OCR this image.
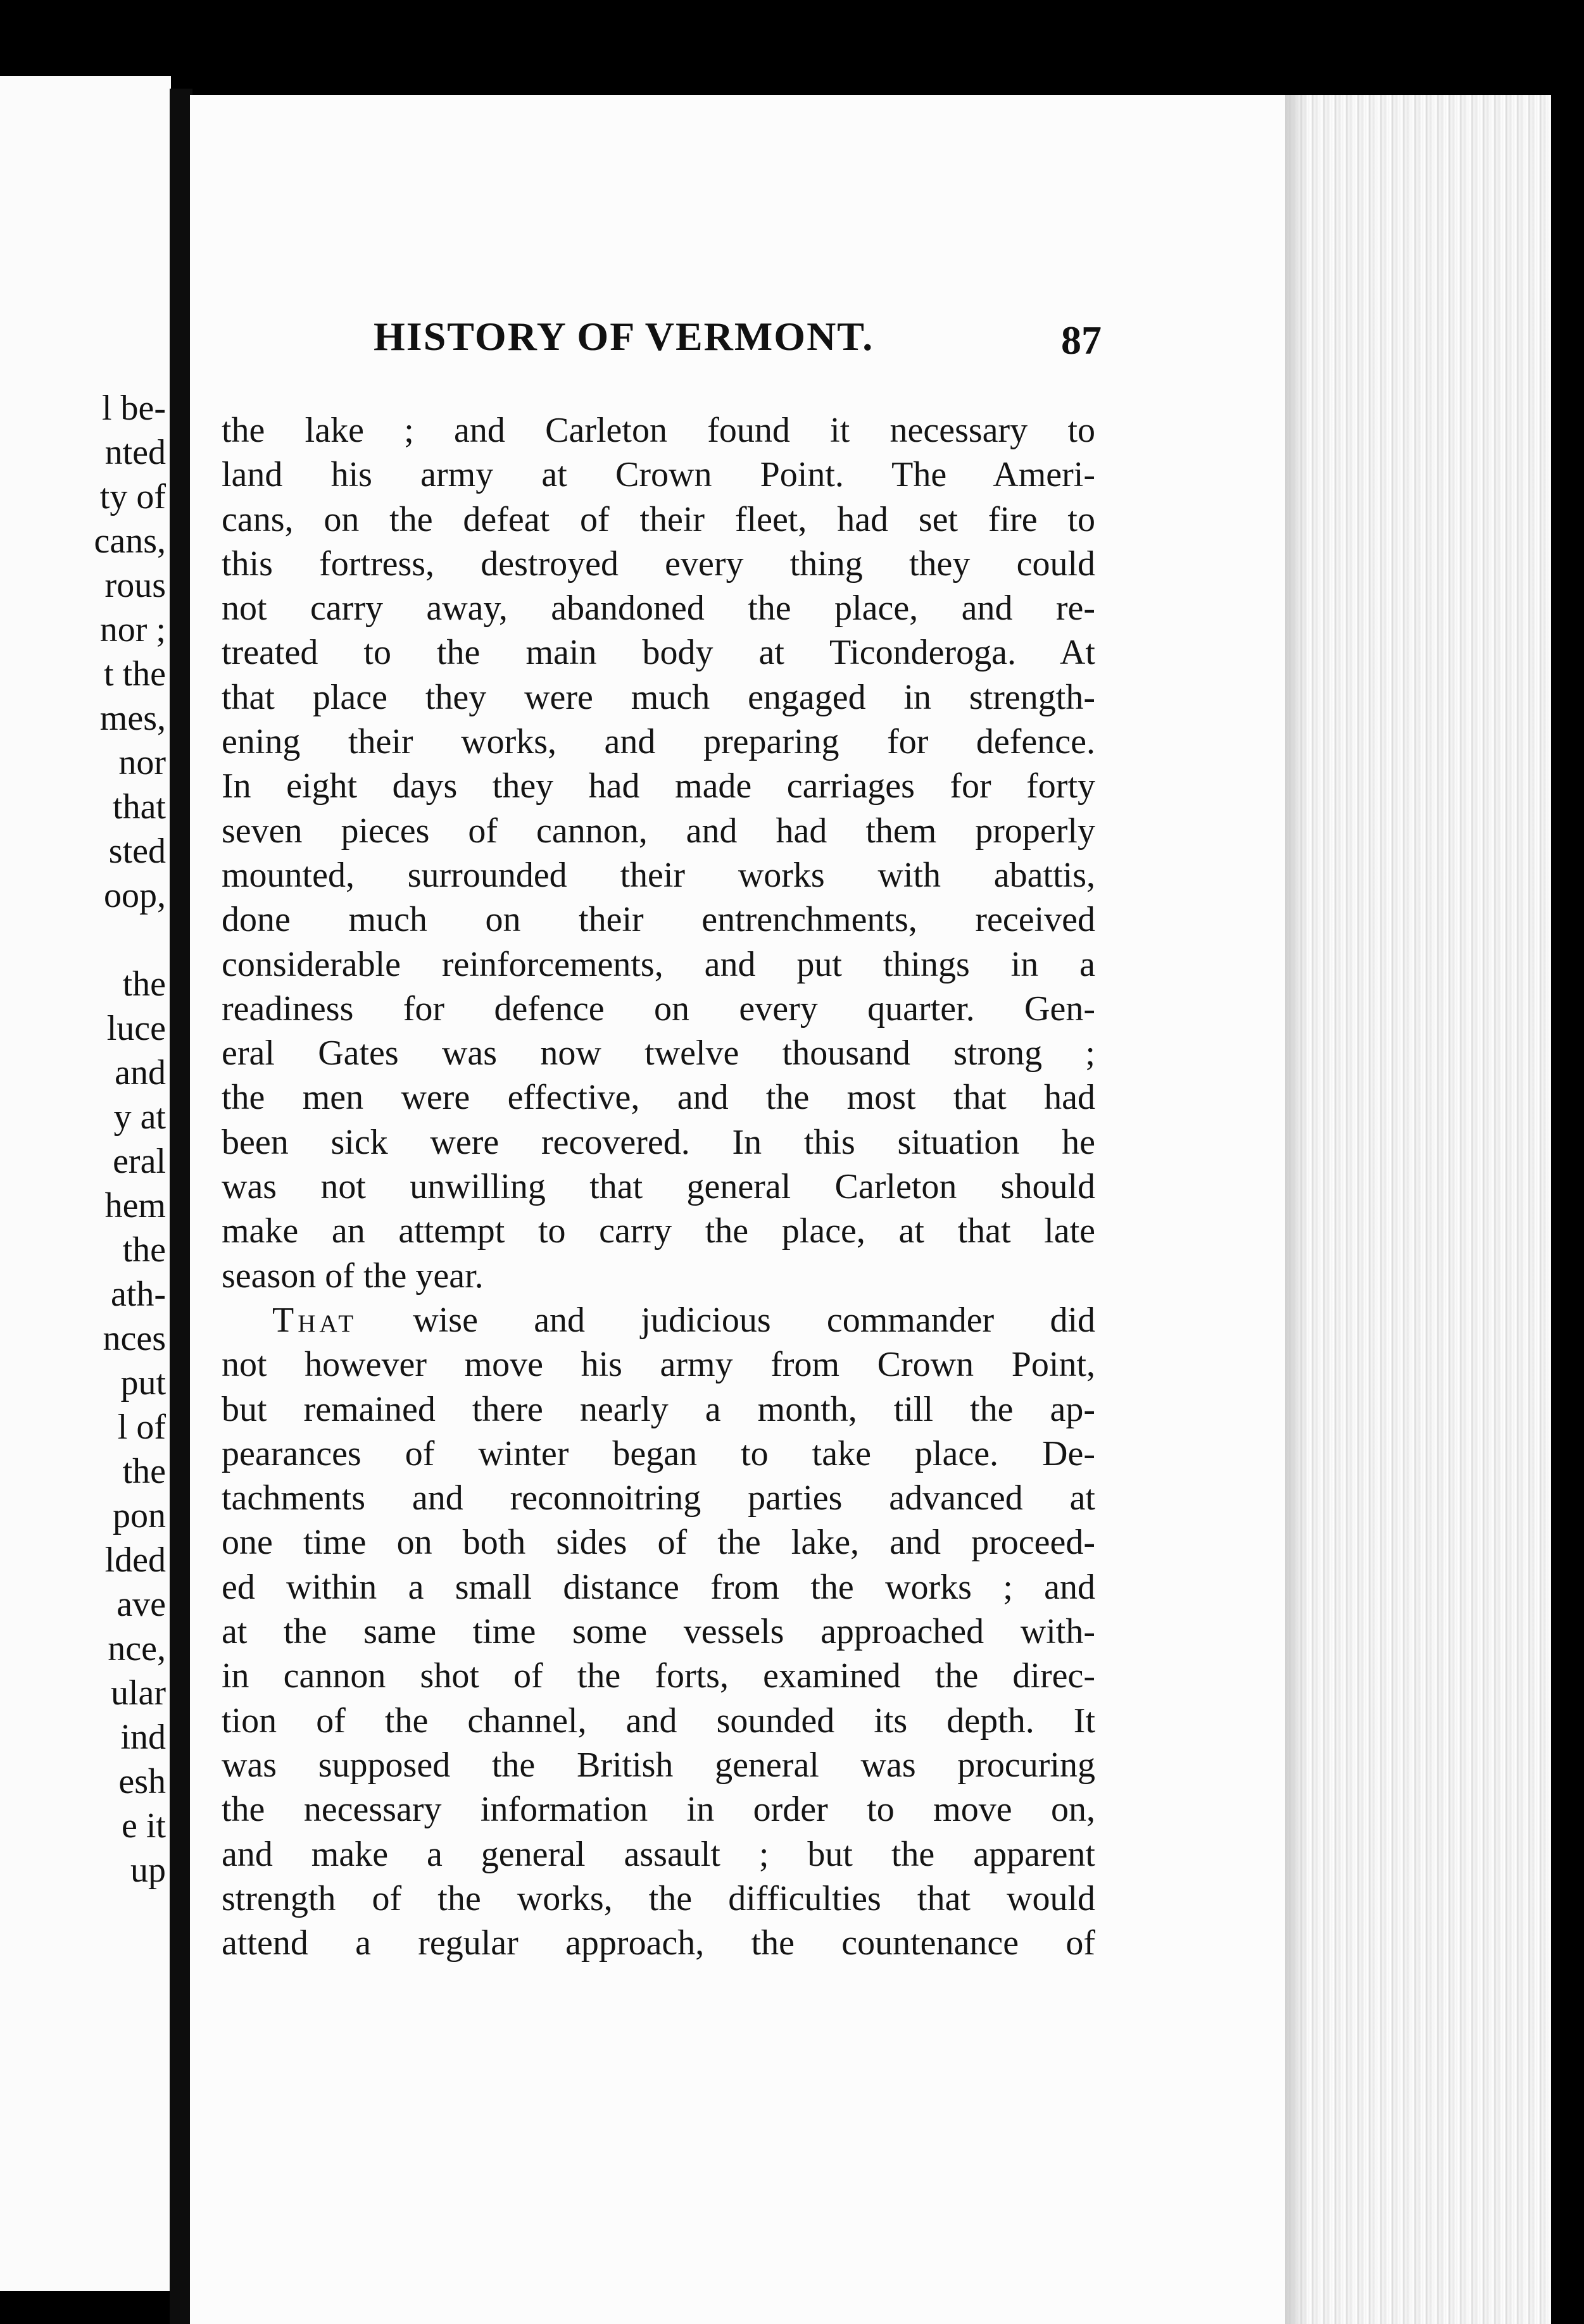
l be-
nted
ty of
cans,
rous
nor ;
t the
mes,
nor
that
sted
oop,
the
luce
and
y at
eral
hem
the
ath-
nces
put
l of
the
pon
lded
ave
nce,
ular
ind
esh
e it
up
HISTORY OF VERMONT.	87
the lake ; and Carleton found it necessary to
land his army at Crown Point. The Ameri-
cans, on the defeat of their fleet, had set fire to
this fortress, destroyed every thing they could
not carry away, abandoned the place, and re-
treated to the main body at Ticonderoga. At
that place they were much engaged in strength-
ening their works, and preparing for defence.
In eight days they had made carriages for forty
seven pieces of cannon, and had them properly
mounted, surrounded their works with abattis,
done much on their entrenchments, received
considerable reinforcements, and put things in a
readiness for defence on every quarter. Gen-
eral Gates was now twelve thousand strong ;
the men were effective, and the most that had
been sick were recovered. In this situation he
was not unwilling that general Carleton should
make an attempt to carry the place, at that late
season of the year.
That wise and judicious commander did
not however move his army from Crown Point,
but remained there nearly a month, till the ap-
pearances of winter began to take place. De-
tachments and reconnoitring parties advanced at
one time on both sides of the lake, and proceed-
ed within a small distance from the works ; and
at the same time some vessels approached with-
in cannon shot of the forts, examined the direc-
tion of the channel, and sounded its depth. It
was supposed the British general was procuring
the necessary information in order to move on,
and make a general assault ; but the apparent
strength of the works, the difficulties that would
attend a regular approach, the countenance of
